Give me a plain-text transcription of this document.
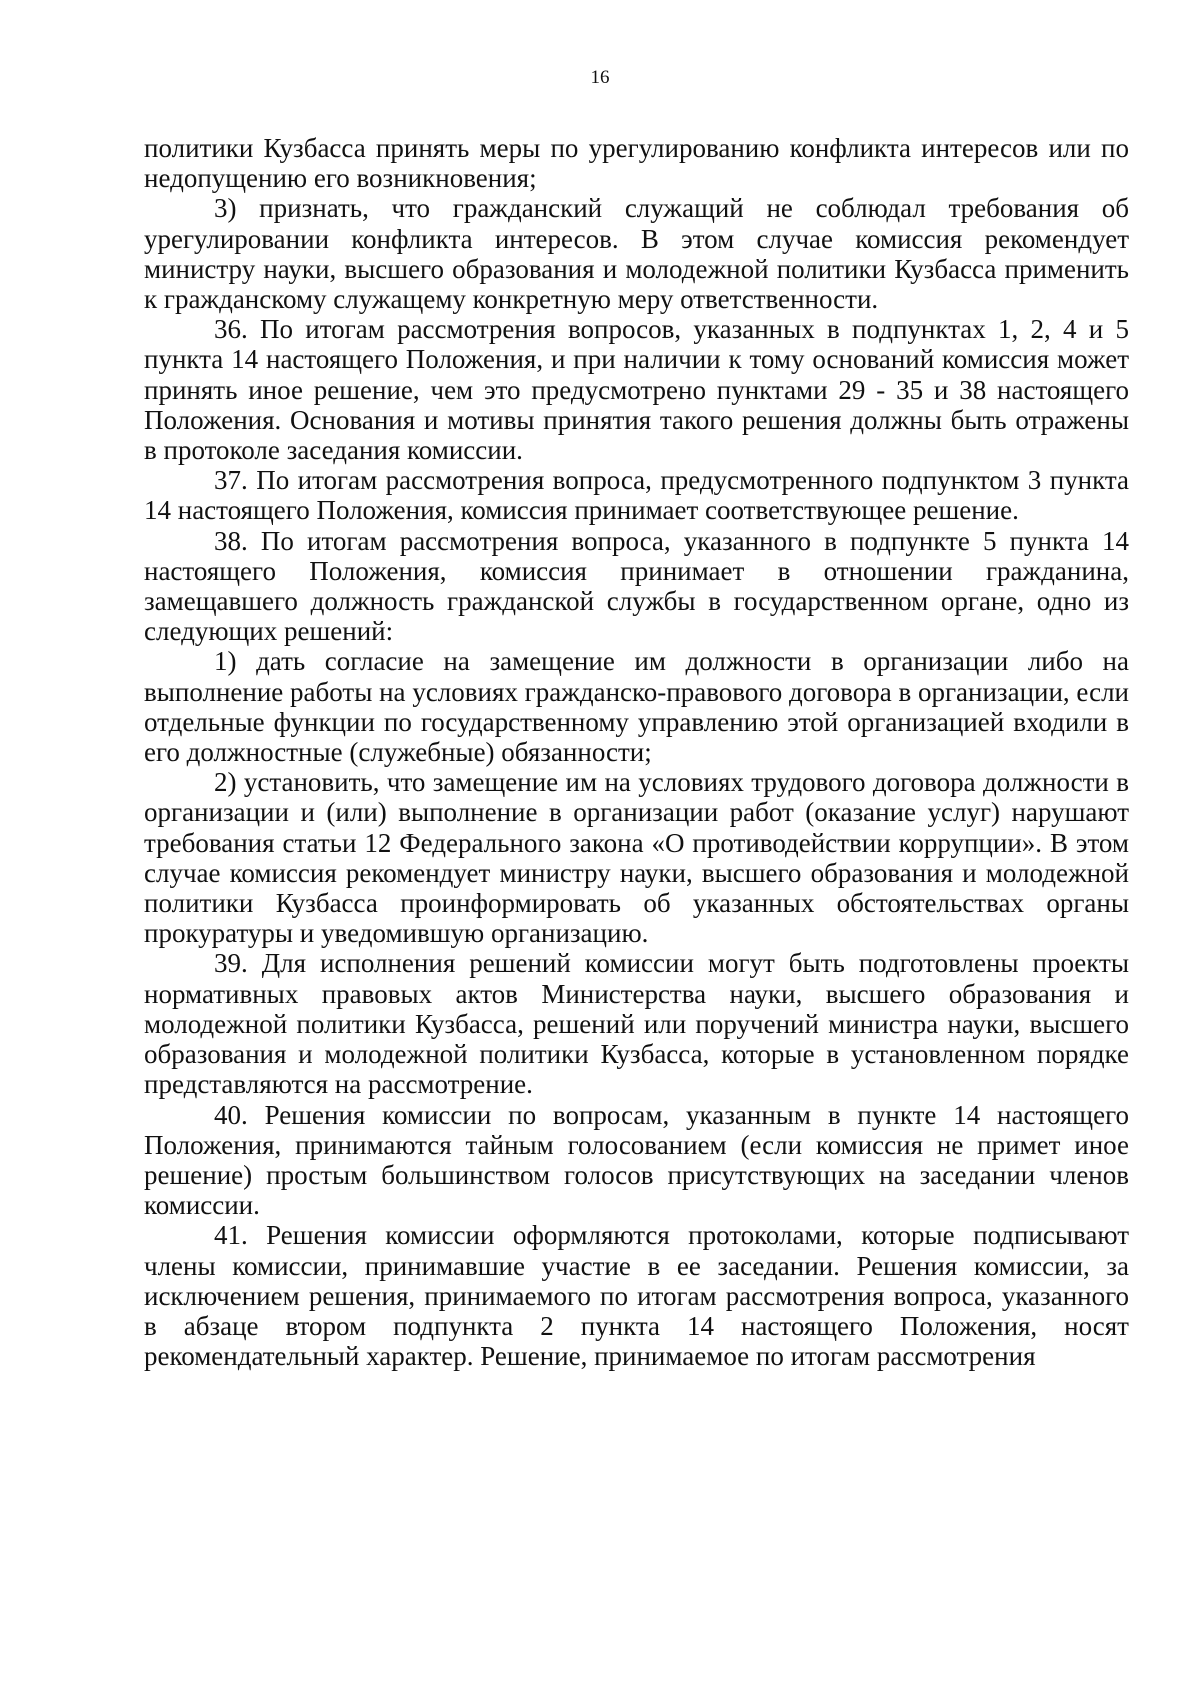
16

политики Кузбасса принять меры по урегулированию конфликта интересов или по недопущению его возникновения;

3) признать, что гражданский служащий не соблюдал требования об урегулировании конфликта интересов. В этом случае комиссия рекомендует министру науки, высшего образования и молодежной политики Кузбасса применить к гражданскому служащему конкретную меру ответственности.

36. По итогам рассмотрения вопросов, указанных в подпунктах 1, 2, 4 и 5 пункта 14 настоящего Положения, и при наличии к тому оснований комиссия может принять иное решение, чем это предусмотрено пунктами 29 - 35 и 38 настоящего Положения. Основания и мотивы принятия такого решения должны быть отражены в протоколе заседания комиссии.

37. По итогам рассмотрения вопроса, предусмотренного подпунктом 3 пункта 14 настоящего Положения, комиссия принимает соответствующее решение.

38. По итогам рассмотрения вопроса, указанного в подпункте 5 пункта 14 настоящего Положения, комиссия принимает в отношении гражданина, замещавшего должность гражданской службы в государственном органе, одно из следующих решений:

1) дать согласие на замещение им должности в организации либо на выполнение работы на условиях гражданско-правового договора в организации, если отдельные функции по государственному управлению этой организацией входили в его должностные (служебные) обязанности;

2) установить, что замещение им на условиях трудового договора должности в организации и (или) выполнение в организации работ (оказание услуг) нарушают требования статьи 12 Федерального закона «О противодействии коррупции». В этом случае комиссия рекомендует министру науки, высшего образования и молодежной политики Кузбасса проинформировать об указанных обстоятельствах органы прокуратуры и уведомившую организацию.

39. Для исполнения решений комиссии могут быть подготовлены проекты нормативных правовых актов Министерства науки, высшего образования и молодежной политики Кузбасса, решений или поручений министра науки, высшего образования и молодежной политики Кузбасса, которые в установленном порядке представляются на рассмотрение.

40. Решения комиссии по вопросам, указанным в пункте 14 настоящего Положения, принимаются тайным голосованием (если комиссия не примет иное решение) простым большинством голосов присутствующих на заседании членов комиссии.

41. Решения комиссии оформляются протоколами, которые подписывают члены комиссии, принимавшие участие в ее заседании. Решения комиссии, за исключением решения, принимаемого по итогам рассмотрения вопроса, указанного в абзаце втором подпункта 2 пункта 14 настоящего Положения, носят рекомендательный характер. Решение, принимаемое по итогам рассмотрения
